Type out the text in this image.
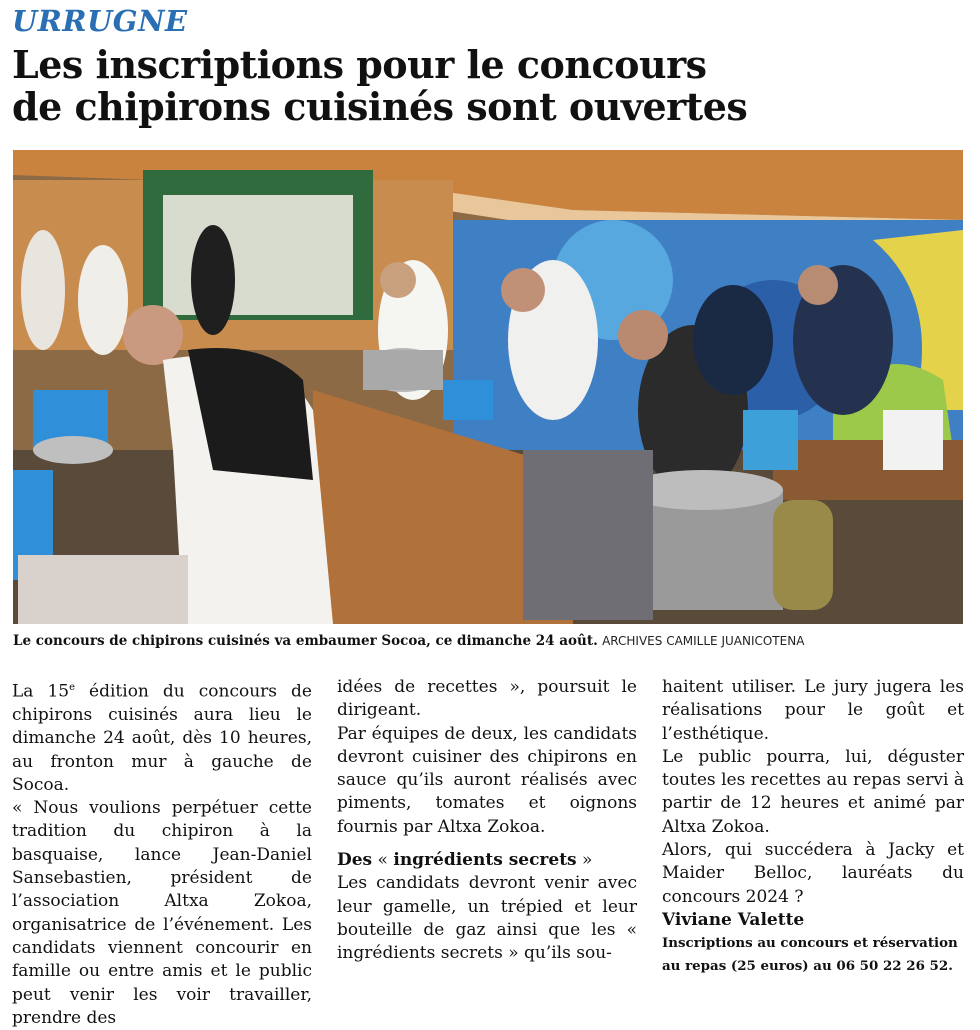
URRUGNE
Les inscriptions pour le concours
de chipirons cuisinés sont ouvertes
Le concours de chipirons cuisinés va embaumer Socoa, ce dimanche 24 août. ARCHIVES CAMILLE JUANICOTENA

La 15e édition du concours de chipirons cuisinés aura lieu le dimanche 24 août, dès 10 heures, au fronton mur à gauche de Socoa.

« Nous voulions perpétuer cette tradition du chipiron à la basquaise, lance Jean-Daniel Sansebastien, président de l’association Altxa Zokoa, organisatrice de l’événement. Les candidats viennent concourir en famille ou entre amis et le public peut venir les voir travailler, prendre des

idées de recettes », poursuit le dirigeant.

Par équipes de deux, les candidats devront cuisiner des chipirons en sauce qu’ils auront réalisés avec piments, tomates et oignons fournis par Altxa Zokoa.

Des « ingrédients secrets »

Les candidats devront venir avec leur gamelle, un trépied et leur bouteille de gaz ainsi que les « ingrédients secrets » qu’ils sou-

haitent utiliser. Le jury jugera les réalisations pour le goût et l’esthétique.

Le public pourra, lui, déguster toutes les recettes au repas servi à partir de 12 heures et animé par Altxa Zokoa.

Alors, qui succédera à Jacky et Maider Belloc, lauréats du concours 2024 ?

Viviane Valette

Inscriptions au concours et réservation au repas (25 euros) au 06 50 22 26 52.
